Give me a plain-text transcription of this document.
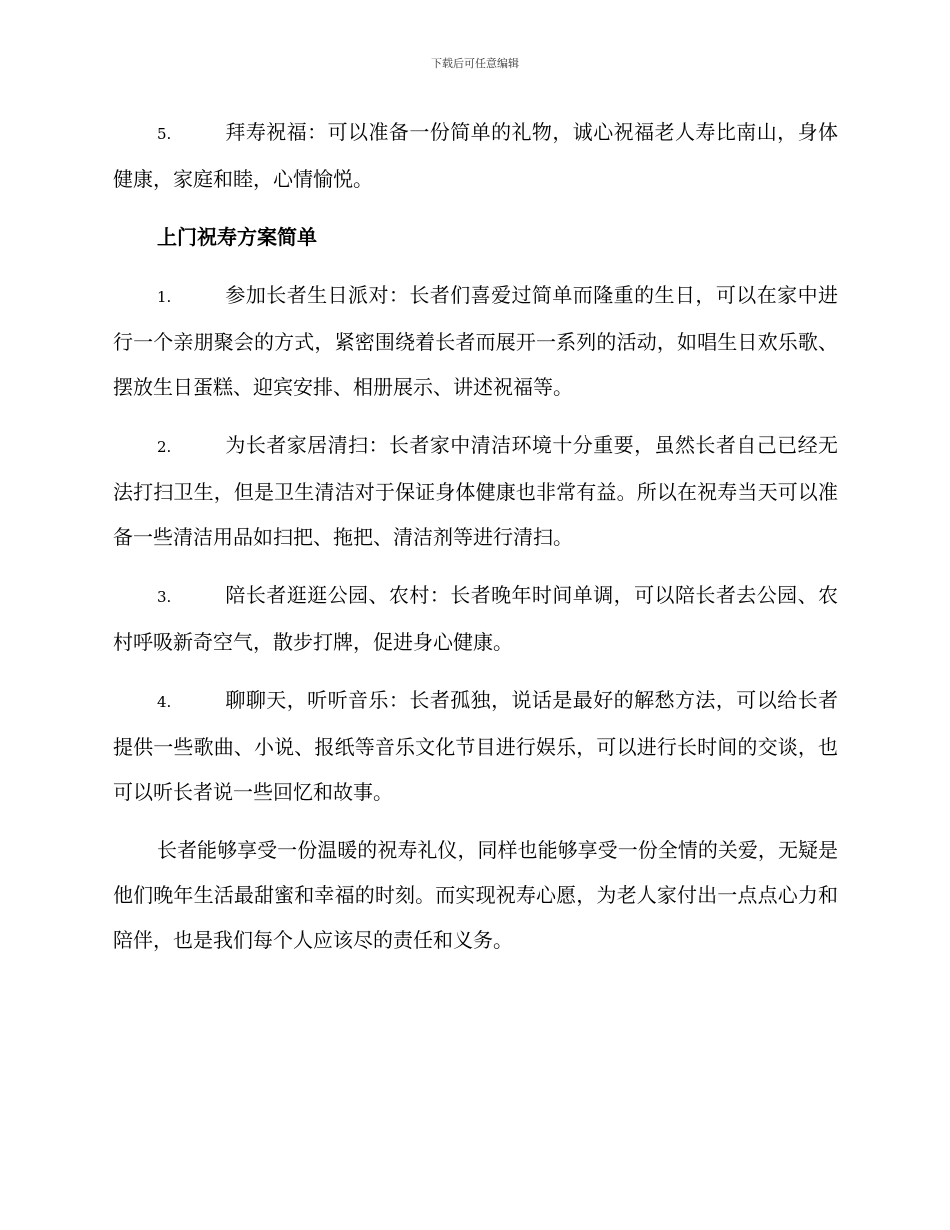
下载后可任意编辑

5.	拜寿祝福：可以准备一份简单的礼物，诚心祝福老人寿比南山，身体健康，家庭和睦，心情愉悦。

上门祝寿方案简单

1.	参加长者生日派对：长者们喜爱过简单而隆重的生日，可以在家中进行一个亲朋聚会的方式，紧密围绕着长者而展开一系列的活动，如唱生日欢乐歌、摆放生日蛋糕、迎宾安排、相册展示、讲述祝福等。

2.	为长者家居清扫：长者家中清洁环境十分重要，虽然长者自己已经无法打扫卫生，但是卫生清洁对于保证身体健康也非常有益。所以在祝寿当天可以准备一些清洁用品如扫把、拖把、清洁剂等进行清扫。

3.	陪长者逛逛公园、农村：长者晚年时间单调，可以陪长者去公园、农村呼吸新奇空气，散步打牌，促进身心健康。

4.	聊聊天，听听音乐：长者孤独，说话是最好的解愁方法，可以给长者提供一些歌曲、小说、报纸等音乐文化节目进行娱乐，可以进行长时间的交谈，也可以听长者说一些回忆和故事。

长者能够享受一份温暖的祝寿礼仪，同样也能够享受一份全情的关爱，无疑是他们晚年生活最甜蜜和幸福的时刻。而实现祝寿心愿，为老人家付出一点点心力和陪伴，也是我们每个人应该尽的责任和义务。
